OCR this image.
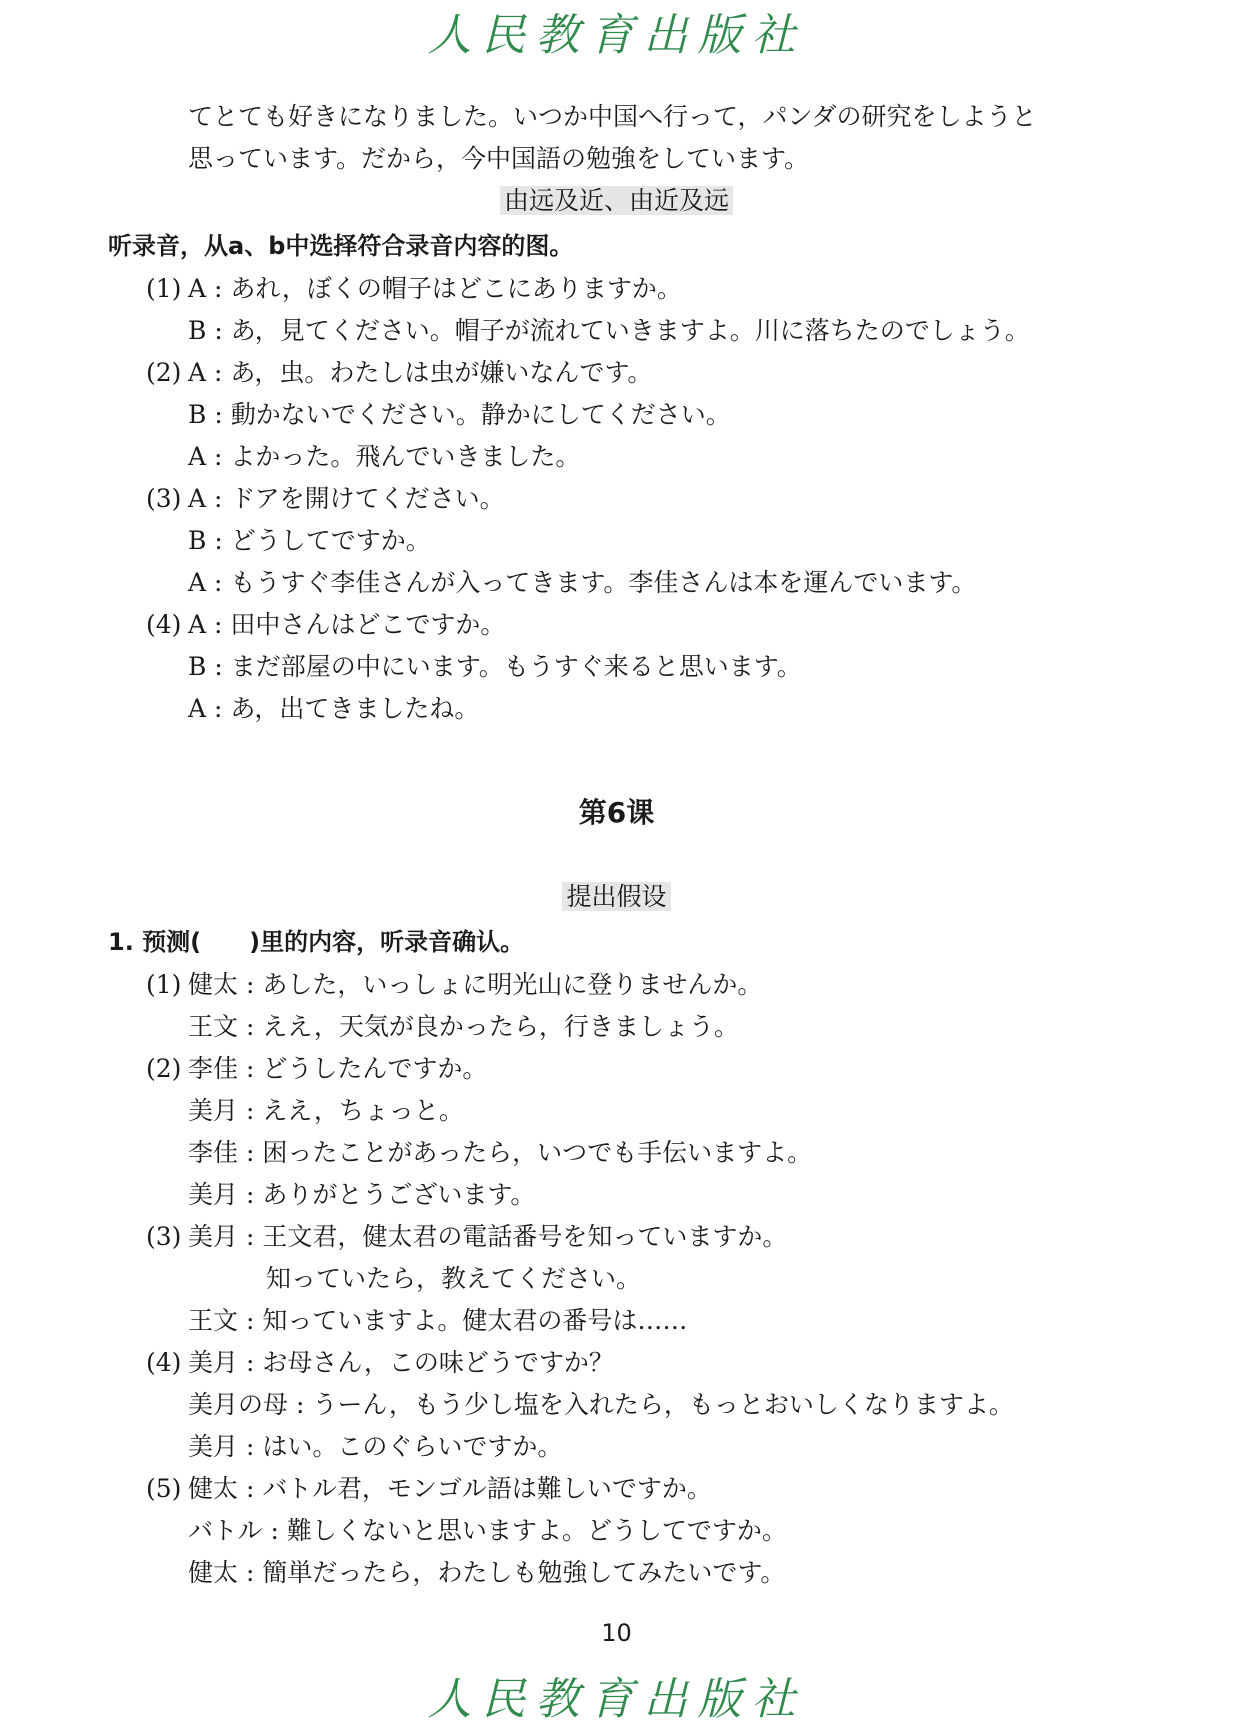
人民教育出版社
てとても好きになりました。いつか中国へ行って，パンダの研究をしようと
思っています。だから，今中国語の勉強をしています。
由远及近、由近及远
听录音，从a、b中选择符合录音内容的图。
(1) A : あれ，ぼくの帽子はどこにありますか。
B : あ，見てください。帽子が流れていきますよ。川に落ちたのでしょう。
(2) A : あ，虫。わたしは虫が嫌いなんです。
B : 動かないでください。静かにしてください。
A : よかった。飛んでいきました。
(3) A : ドアを開けてください。
B : どうしてですか。
A : もうすぐ李佳さんが入ってきます。李佳さんは本を運んでいます。
(4) A : 田中さんはどこですか。
B : まだ部屋の中にいます。もうすぐ来ると思います。
A : あ，出てきましたね。
第6课
提出假设
1. 预测(　　)里的内容，听录音确认。
(1) 健太 : あした，いっしょに明光山に登りませんか。
王文 : ええ，天気が良かったら，行きましょう。
(2) 李佳 : どうしたんですか。
美月 : ええ，ちょっと。
李佳 : 困ったことがあったら，いつでも手伝いますよ。
美月 : ありがとうございます。
(3) 美月 : 王文君，健太君の電話番号を知っていますか。
知っていたら，教えてください。
王文 : 知っていますよ。健太君の番号は……
(4) 美月 : お母さん，この味どうですか？
美月の母 : うーん，もう少し塩を入れたら，もっとおいしくなりますよ。
美月 : はい。このぐらいですか。
(5) 健太 : バトル君，モンゴル語は難しいですか。
バトル : 難しくないと思いますよ。どうしてですか。
健太 : 簡単だったら，わたしも勉強してみたいです。
10
人民教育出版社
